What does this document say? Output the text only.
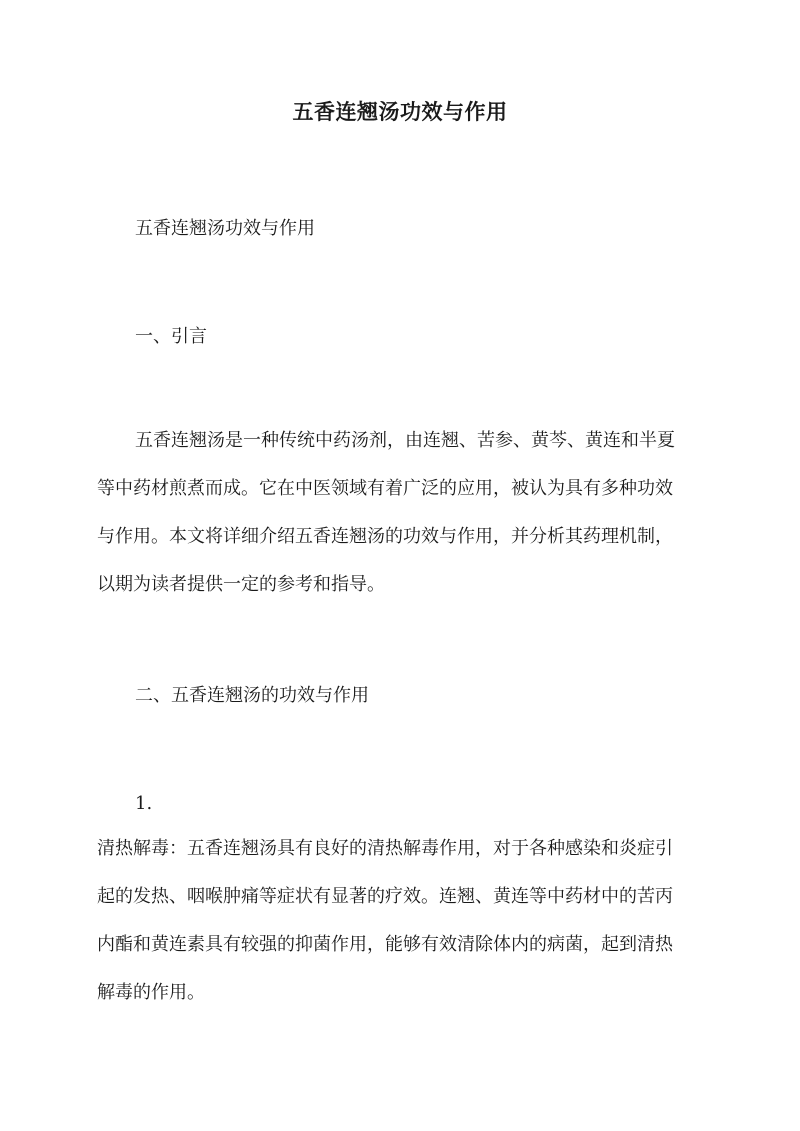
五香连翘汤功效与作用
五香连翘汤功效与作用
一、引言

五香连翘汤是一种传统中药汤剂，由连翘、苦参、黄芩、黄连和半夏

等中药材煎煮而成。它在中医领域有着广泛的应用，被认为具有多种功效

与作用。本文将详细介绍五香连翘汤的功效与作用，并分析其药理机制，

以期为读者提供一定的参考和指导。

二、五香连翘汤的功效与作用
1.

清热解毒：五香连翘汤具有良好的清热解毒作用，对于各种感染和炎症引

起的发热、咽喉肿痛等症状有显著的疗效。连翘、黄连等中药材中的苦丙

内酯和黄连素具有较强的抑菌作用，能够有效清除体内的病菌，起到清热

解毒的作用。
